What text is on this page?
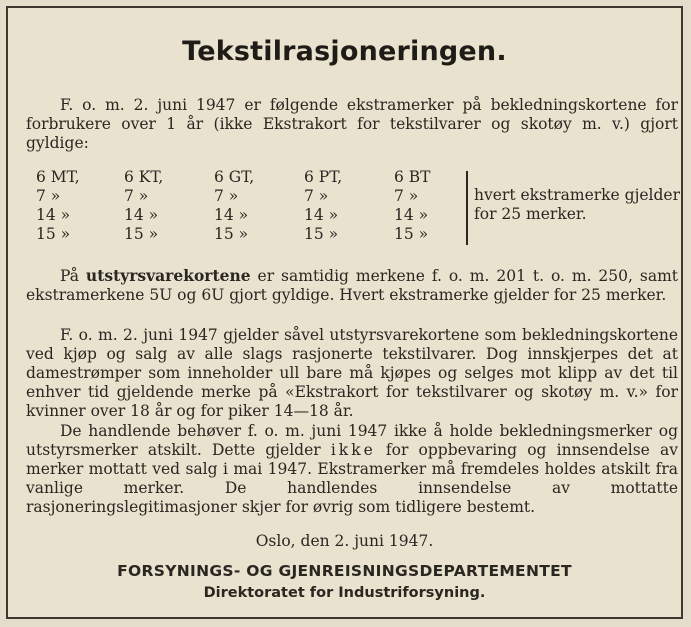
Tekstilrasjoneringen.
F. o. m. 2. juni 1947 er følgende ekstramerker på bekledningskortene for forbrukere over 1 år (ikke Ekstrakort for tekstilvarer og skotøy m. v.) gjort gyldige:
6 MT,	6 KT,	6 GT,	6 PT,	6 BT
7 »	7 »	7 »	7 »	7 »
14 »	14 »	14 »	14 »	14 »
15 »	15 »	15 »	15 »	15 »
hvert ekstramerke gjelder for 25 merker.
På utstyrsvarekortene er samtidig merkene f. o. m. 201 t. o. m. 250, samt ekstramerkene 5U og 6U gjort gyldige. Hvert ekstramerke gjelder for 25 merker.
F. o. m. 2. juni 1947 gjelder såvel utstyrsvarekortene som bekledningskortene ved kjøp og salg av alle slags rasjonerte tekstilvarer. Dog innskjerpes det at damestrømper som inneholder ull bare må kjøpes og selges mot klipp av det til enhver tid gjeldende merke på «Ekstrakort for tekstilvarer og skotøy m. v.» for kvinner over 18 år og for piker 14—18 år.
De handlende behøver f. o. m. juni 1947 ikke å holde bekledningsmerker og utstyrsmerker atskilt. Dette gjelder ikke for oppbevaring og innsendelse av merker mottatt ved salg i mai 1947. Ekstramerker må fremdeles holdes atskilt fra vanlige merker. De handlendes innsendelse av mottatte rasjoneringslegitimasjoner skjer for øvrig som tidligere bestemt.
Oslo, den 2. juni 1947.
FORSYNINGS- OG GJENREISNINGSDEPARTEMENTET
Direktoratet for Industriforsyning.
